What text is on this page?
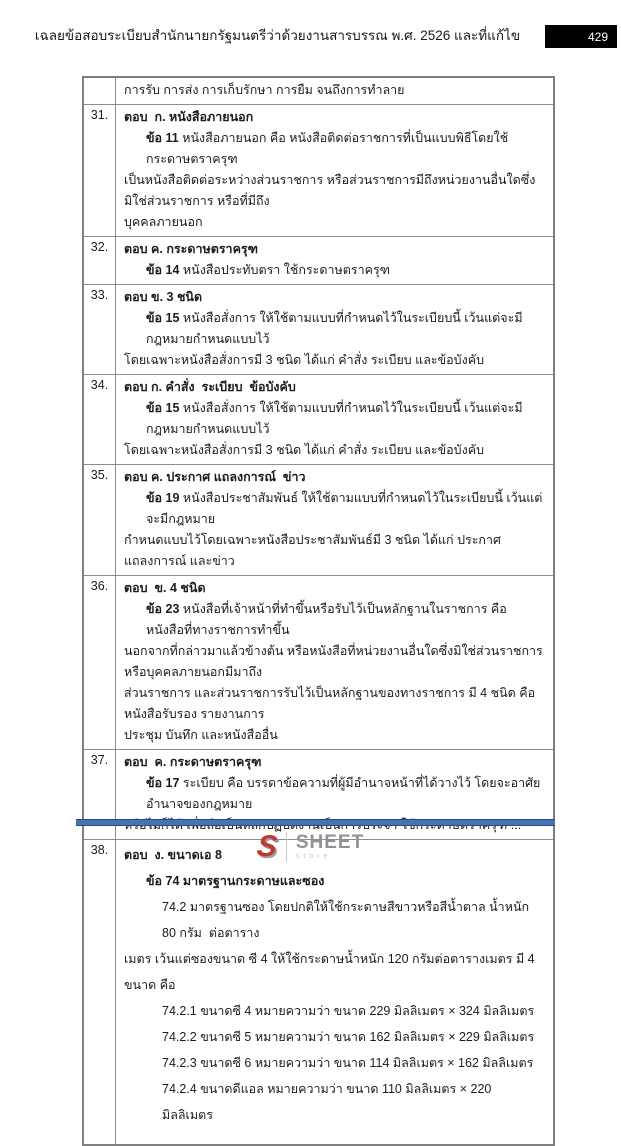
เฉลยข้อสอบระเบียบสำนักนายกรัฐมนตรีว่าด้วยงานสารบรรณ พ.ศ. 2526 และที่แก้ไข	429
การรับ การส่ง การเก็บรักษา การยืม จนถึงการทำลาย
31.	ตอบ  ก. หนังสือภายนอก
ข้อ 11 หนังสือภายนอก คือ หนังสือติดต่อราชการที่เป็นแบบพิธีโดยใช้กระดาษตราครุฑ
เป็นหนังสือติดต่อระหว่างส่วนราชการ หรือส่วนราชการมีถึงหน่วยงานอื่นใดซึ่งมิใช่ส่วนราชการ หรือที่มีถึง
บุคคลภายนอก
32.	ตอบ ค. กระดาษตราครุฑ
ข้อ 14 หนังสือประทับตรา ใช้กระดาษตราครุฑ
33.	ตอบ ข. 3 ชนิด
ข้อ 15 หนังสือสั่งการ ให้ใช้ตามแบบที่กำหนดไว้ในระเบียบนี้ เว้นแต่จะมีกฎหมายกำหนดแบบไว้
โดยเฉพาะหนังสือสั่งการมี 3 ชนิด ได้แก่ คำสั่ง ระเบียบ และข้อบังคับ
34.	ตอบ ก. คำสั่ง  ระเบียบ  ข้อบังคับ
ข้อ 15 หนังสือสั่งการ ให้ใช้ตามแบบที่กำหนดไว้ในระเบียบนี้ เว้นแต่จะมีกฎหมายกำหนดแบบไว้
โดยเฉพาะหนังสือสั่งการมี 3 ชนิด ได้แก่ คำสั่ง ระเบียบ และข้อบังคับ
35.	ตอบ ค. ประกาศ แถลงการณ์  ข่าว
ข้อ 19 หนังสือประชาสัมพันธ์ ให้ใช้ตามแบบที่กำหนดไว้ในระเบียบนี้ เว้นแต่จะมีกฎหมาย
กำหนดแบบไว้โดยเฉพาะหนังสือประชาสัมพันธ์มี 3 ชนิด ได้แก่ ประกาศ แถลงการณ์ และข่าว
36.	ตอบ  ข. 4 ชนิด
ข้อ 23 หนังสือที่เจ้าหน้าที่ทำขึ้นหรือรับไว้เป็นหลักฐานในราชการ คือ หนังสือที่ทางราชการทำขึ้น
นอกจากที่กล่าวมาแล้วข้างต้น หรือหนังสือที่หน่วยงานอื่นใดซึ่งมิใช่ส่วนราชการ หรือบุคคลภายนอกมีมาถึง
ส่วนราชการ และส่วนราชการรับไว้เป็นหลักฐานของทางราชการ มี 4 ชนิด คือหนังสือรับรอง รายงานการ
ประชุม บันทึก และหนังสืออื่น
37.	ตอบ  ค. กระดาษตราครุฑ
ข้อ 17 ระเบียบ คือ บรรดาข้อความที่ผู้มีอำนาจหน้าที่ได้วางไว้ โดยจะอาศัยอำนาจของกฎหมาย
38.	ตอบ  ง. ขนาดเอ 8
ข้อ 74 มาตรฐานกระดาษและซอง
74.2 มาตรฐานซอง โดยปกติให้ใช้กระดาษสีขาวหรือสีน้ำตาล น้ำหนัก 80 กรัม  ต่อตาราง
เมตร เว้นแต่ซองขนาด ซี 4 ให้ใช้กระดาษน้ำหนัก 120 กรัมต่อตารางเมตร มี 4 ขนาด คือ
74.2.1 ขนาดซี 4 หมายความว่า ขนาด 229 มิลลิเมตร × 324 มิลลิเมตร
74.2.2 ขนาดซี 5 หมายความว่า ขนาด 162 มิลลิเมตร × 229 มิลลิเมตร
74.2.3 ขนาดซี 6 หมายความว่า ขนาด 114 มิลลิเมตร × 162 มิลลิเมตร
74.2.4 ขนาดดีแอล หมายความว่า ขนาด 110 มิลลิเมตร × 220 มิลลิเมตร
S SHEET
store
